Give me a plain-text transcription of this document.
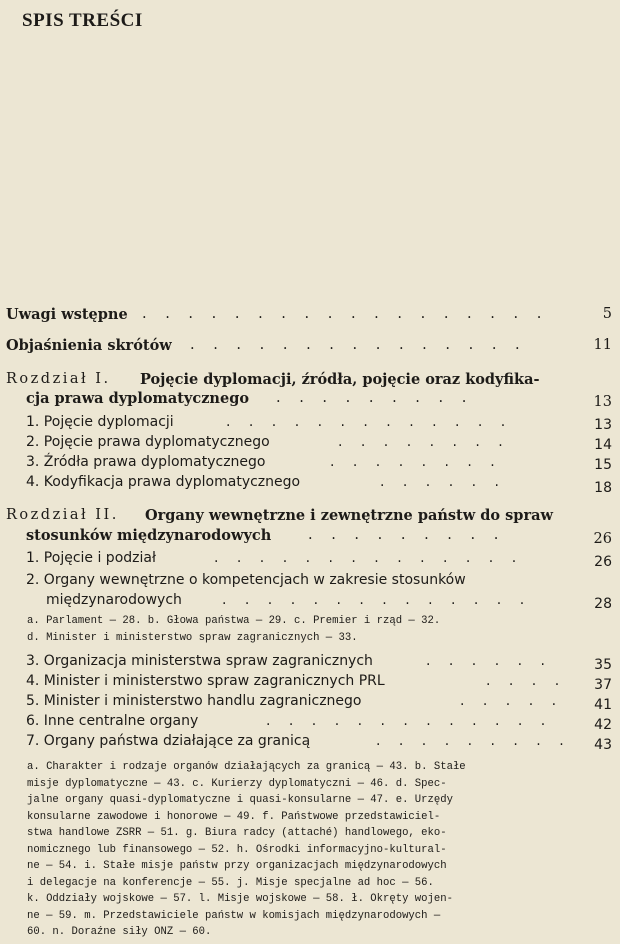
SPIS TREŚCI
Uwagi wstępne . . . . . . . . . . . . . . . . . .	5
Objaśnienia skrótów . . . . . . . . . . . . . . .	11
Rozdział I. Pojęcie dyplomacji, źródła, pojęcie oraz kodyfika-
cja prawa dyplomatycznego . . . . . . . . .	13
1. Pojęcie dyplomacji	. . . . . . . . . . . . .	13
2. Pojęcie prawa dyplomatycznego	. . . . . . . .	14
3. Źródła prawa dyplomatycznego	. . . . . . . .	15
4. Kodyfikacja prawa dyplomatycznego	. . . . . .	18
Rozdział II. Organy wewnętrzne i zewnętrzne państw do spraw
stosunków międzynarodowych	. . . . . . . . .	26
1. Pojęcie i podział	. . . . . . . . . . . . . .	26
2. Organy wewnętrzne o kompetencjach w zakresie stosunków
międzynarodowych	. . . . . . . . . . . . . .	28
a. Parlament — 28. b. Głowa państwa — 29. c. Premier i rząd — 32.
d. Minister i ministerstwo spraw zagranicznych — 33.
3. Organizacja ministerstwa spraw zagranicznych	. . . . . .	35
4. Minister i ministerstwo spraw zagranicznych PRL	. . . . 37
5. Minister i ministerstwo handlu zagranicznego	. . . . . 41
6. Inne centralne organy	. . . . . . . . . . . . .	42
7. Organy państwa działające za granicą	. . . . . . . . . 43
a. Charakter i rodzaje organów działających za granicą — 43. b. Stałe
misje dyplomatyczne — 43. c. Kurierzy dyplomatyczni — 46. d. Spec-
jalne organy quasi-dyplomatyczne i quasi-konsularne — 47. e. Urzędy
konsularne zawodowe i honorowe — 49. f. Państwowe przedstawiciel-
stwa handlowe ZSRR — 51. g. Biura radcy (attaché) handlowego, eko-
nomicznego lub finansowego — 52. h. Ośrodki informacyjno-kultural-
ne — 54. i. Stałe misje państw przy organizacjach międzynarodowych
i delegacje na konferencje — 55. j. Misje specjalne ad hoc — 56.
k. Oddziały wojskowe — 57. l. Misje wojskowe — 58. ł. Okręty wojen-
ne — 59. m. Przedstawiciele państw w komisjach międzynarodowych —
60. n. Doraźne siły ONZ — 60.
